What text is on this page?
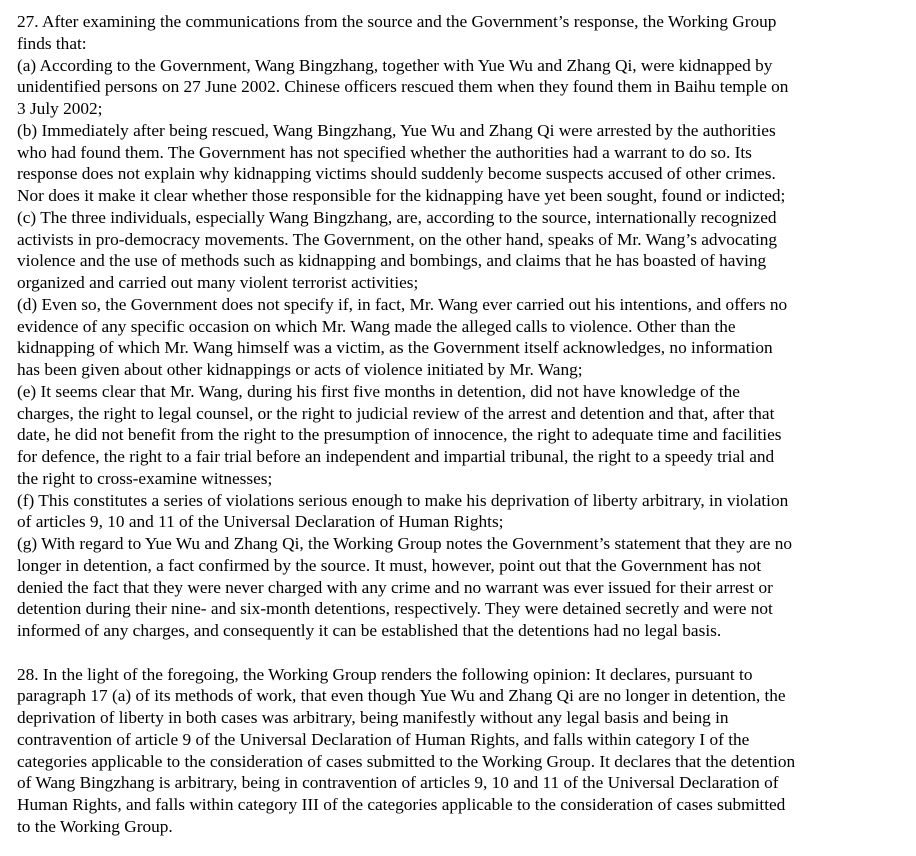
27. After examining the communications from the source and the Government’s response, the Working Group
finds that:
(a) According to the Government, Wang Bingzhang, together with Yue Wu and Zhang Qi, were kidnapped by
unidentified persons on 27 June 2002. Chinese officers rescued them when they found them in Baihu temple on
3 July 2002;
(b) Immediately after being rescued, Wang Bingzhang, Yue Wu and Zhang Qi were arrested by the authorities
who had found them. The Government has not specified whether the authorities had a warrant to do so. Its
response does not explain why kidnapping victims should suddenly become suspects accused of other crimes.
Nor does it make it clear whether those responsible for the kidnapping have yet been sought, found or indicted;
(c) The three individuals, especially Wang Bingzhang, are, according to the source, internationally recognized
activists in pro-democracy movements. The Government, on the other hand, speaks of Mr. Wang’s advocating
violence and the use of methods such as kidnapping and bombings, and claims that he has boasted of having
organized and carried out many violent terrorist activities;
(d) Even so, the Government does not specify if, in fact, Mr. Wang ever carried out his intentions, and offers no
evidence of any specific occasion on which Mr. Wang made the alleged calls to violence. Other than the
kidnapping of which Mr. Wang himself was a victim, as the Government itself acknowledges, no information
has been given about other kidnappings or acts of violence initiated by Mr. Wang;
(e) It seems clear that Mr. Wang, during his first five months in detention, did not have knowledge of the
charges, the right to legal counsel, or the right to judicial review of the arrest and detention and that, after that
date, he did not benefit from the right to the presumption of innocence, the right to adequate time and facilities
for defence, the right to a fair trial before an independent and impartial tribunal, the right to a speedy trial and
the right to cross-examine witnesses;
(f) This constitutes a series of violations serious enough to make his deprivation of liberty arbitrary, in violation
of articles 9, 10 and 11 of the Universal Declaration of Human Rights;
(g) With regard to Yue Wu and Zhang Qi, the Working Group notes the Government’s statement that they are no
longer in detention, a fact confirmed by the source. It must, however, point out that the Government has not
denied the fact that they were never charged with any crime and no warrant was ever issued for their arrest or
detention during their nine- and six-month detentions, respectively. They were detained secretly and were not
informed of any charges, and consequently it can be established that the detentions had no legal basis.
28. In the light of the foregoing, the Working Group renders the following opinion: It declares, pursuant to
paragraph 17 (a) of its methods of work, that even though Yue Wu and Zhang Qi are no longer in detention, the
deprivation of liberty in both cases was arbitrary, being manifestly without any legal basis and being in
contravention of article 9 of the Universal Declaration of Human Rights, and falls within category I of the
categories applicable to the consideration of cases submitted to the Working Group. It declares that the detention
of Wang Bingzhang is arbitrary, being in contravention of articles 9, 10 and 11 of the Universal Declaration of
Human Rights, and falls within category III of the categories applicable to the consideration of cases submitted
to the Working Group.
